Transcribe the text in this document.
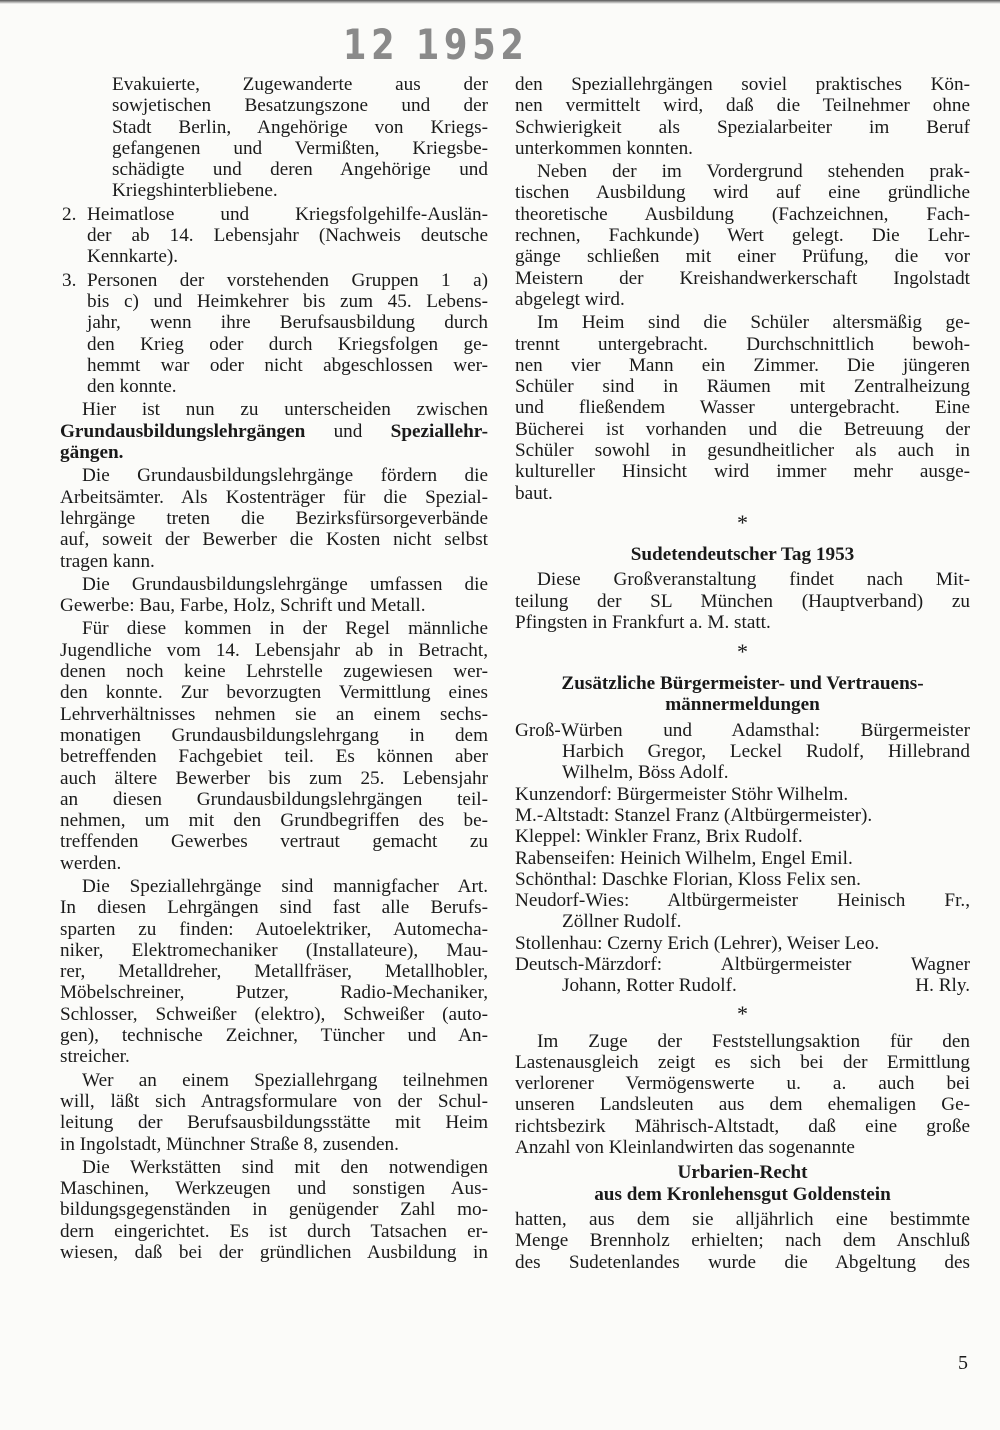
12 1952
Evakuierte, Zugewanderte aus der
sowjetischen Besatzungszone und der
Stadt Berlin, Angehörige von Kriegs-
gefangenen und Vermißten, Kriegsbe-
schädigte und deren Angehörige und
Kriegshinterbliebene.
2. Heimatlose und Kriegsfolgehilfe-Auslän-
der ab 14. Lebensjahr (Nachweis deutsche
Kennkarte).
3. Personen der vorstehenden Gruppen 1 a)
bis c) und Heimkehrer bis zum 45. Lebens-
jahr, wenn ihre Berufsausbildung durch
den Krieg oder durch Kriegsfolgen ge-
hemmt war oder nicht abgeschlossen wer-
den konnte.
Hier ist nun zu unterscheiden zwischen
Grundausbildungslehrgängen und Speziallehr-
gängen.
Die Grundausbildungslehrgänge fördern die
Arbeitsämter. Als Kostenträger für die Spezial-
lehrgänge treten die Bezirksfürsorgeverbände
auf, soweit der Bewerber die Kosten nicht selbst
tragen kann.
Die Grundausbildungslehrgänge umfassen die
Gewerbe: Bau, Farbe, Holz, Schrift und Metall.
Für diese kommen in der Regel männliche
Jugendliche vom 14. Lebensjahr ab in Betracht,
denen noch keine Lehrstelle zugewiesen wer-
den konnte. Zur bevorzugten Vermittlung eines
Lehrverhältnisses nehmen sie an einem sechs-
monatigen Grundausbildungslehrgang in dem
betreffenden Fachgebiet teil. Es können aber
auch ältere Bewerber bis zum 25. Lebensjahr
an diesen Grundausbildungslehrgängen teil-
nehmen, um mit den Grundbegriffen des be-
treffenden Gewerbes vertraut gemacht zu
werden.
Die Speziallehrgänge sind mannigfacher Art.
In diesen Lehrgängen sind fast alle Berufs-
sparten zu finden: Autoelektriker, Automecha-
niker, Elektromechaniker (Installateure), Mau-
rer, Metalldreher, Metallfräser, Metallhobler,
Möbelschreiner, Putzer, Radio-Mechaniker,
Schlosser, Schweißer (elektro), Schweißer (auto-
gen), technische Zeichner, Tüncher und An-
streicher.
Wer an einem Speziallehrgang teilnehmen
will, läßt sich Antragsformulare von der Schul-
leitung der Berufsausbildungsstätte mit Heim
in Ingolstadt, Münchner Straße 8, zusenden.
Die Werkstätten sind mit den notwendigen
Maschinen, Werkzeugen und sonstigen Aus-
bildungsgegenständen in genügender Zahl mo-
dern eingerichtet. Es ist durch Tatsachen er-
wiesen, daß bei der gründlichen Ausbildung in
den Speziallehrgängen soviel praktisches Kön-
nen vermittelt wird, daß die Teilnehmer ohne
Schwierigkeit als Spezialarbeiter im Beruf
unterkommen konnten.
Neben der im Vordergrund stehenden prak-
tischen Ausbildung wird auf eine gründliche
theoretische Ausbildung (Fachzeichnen, Fach-
rechnen, Fachkunde) Wert gelegt. Die Lehr-
gänge schließen mit einer Prüfung, die vor
Meistern der Kreishandwerkerschaft Ingolstadt
abgelegt wird.
Im Heim sind die Schüler altersmäßig ge-
trennt untergebracht. Durchschnittlich bewoh-
nen vier Mann ein Zimmer. Die jüngeren
Schüler sind in Räumen mit Zentralheizung
und fließendem Wasser untergebracht. Eine
Bücherei ist vorhanden und die Betreuung der
Schüler sowohl in gesundheitlicher als auch in
kultureller Hinsicht wird immer mehr ausge-
baut.
*
Sudetendeutscher Tag 1953
Diese Großveranstaltung findet nach Mit-
teilung der SL München (Hauptverband) zu
Pfingsten in Frankfurt a. M. statt.
*
Zusätzliche Bürgermeister- und Vertrauens-
männermeldungen
Groß-Würben und Adamsthal: Bürgermeister
Harbich Gregor, Leckel Rudolf, Hillebrand
Wilhelm, Böss Adolf.
Kunzendorf: Bürgermeister Stöhr Wilhelm.
M.-Altstadt: Stanzel Franz (Altbürgermeister).
Kleppel: Winkler Franz, Brix Rudolf.
Rabenseifen: Heinich Wilhelm, Engel Emil.
Schönthal: Daschke Florian, Kloss Felix sen.
Neudorf-Wies: Altbürgermeister Heinisch Fr.,
Zöllner Rudolf.
Stollenhau: Czerny Erich (Lehrer), Weiser Leo.
Deutsch-Märzdorf: Altbürgermeister Wagner
Johann, Rotter Rudolf.	H. Rly.
*
Im Zuge der Feststellungsaktion für den
Lastenausgleich zeigt es sich bei der Ermittlung
verlorener Vermögenswerte u. a. auch bei
unseren Landsleuten aus dem ehemaligen Ge-
richtsbezirk Mährisch-Altstadt, daß eine große
Anzahl von Kleinlandwirten das sogenannte
Urbarien-Recht
aus dem Kronlehensgut Goldenstein
hatten, aus dem sie alljährlich eine bestimmte
Menge Brennholz erhielten; nach dem Anschluß
des Sudetenlandes wurde die Abgeltung des
5
